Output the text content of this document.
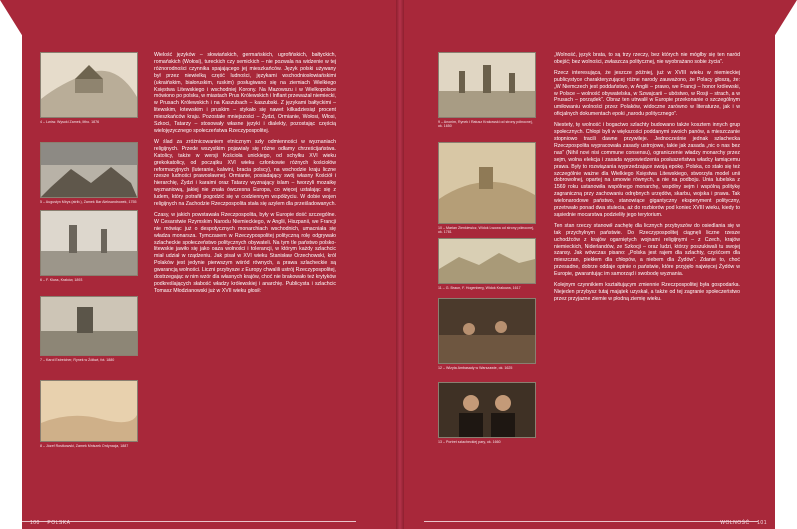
4 – Lwów. Wysoki Zamek, litho. 1876
5 – Augustyn Mirys (atrib.), Zamek Bar Aleksandrowek, 1755
6 – F. Kluss, Kraków, 1893
7 – Karol Estreicher, Rynek w Żółkwi, fot. 1880
8 – Józef Rostkowski, Zamek Mniszek Ordynacja, 1887

Wielość języków – słowiańskich, germańskich, ugrofińskich, bałtyckich, romańskich (Wołosi), tureckich czy semickich – nie pozwala na widzenie w tej różnorodności czynnika spajającego jej mieszkańców. Język polski używany był przez niewielką część ludności, językami wschodniosłowiańskimi (ukraińskim, białoruskim, ruskim) posługiwano się na ziemiach Wielkiego Księstwa Litewskiego i wschodniej Korony. Na Mazowszu i w Wielkopolsce mówiono po polsku, w miastach Prus Królewskich i Inflant przeważał niemiecki, w Prusach Królewskich i na Kaszubach – kaszubski. Z językami bałtyckimi – litewskim, łotewskim i pruskim – stykało się nawet kilkadziesiąt procent mieszkańców kraju. Pozostałe mniejszości – Żydzi, Ormianie, Wołosi, Włosi, Szkoci, Tatarzy – stosowały własne języki i dialekty, pozostając częścią wielojęzycznego społeczeństwa Rzeczypospolitej.

W ślad za zróżnicowaniem etnicznym szły odmienności w wyznaniach religijnych. Przede wszystkim pojawiały się różne odłamy chrześcijaństwa. Katolicy, także w wersji Kościoła unickiego, od schyłku XVI wieku grekokatolicy, od początku XVI wieku członkowie różnych kościołów reformacyjnych (luteranie, kalwini, bracia polscy), na wschodzie kraju liczne rzesze ludności prawosławnej. Ormianie, posiadający swój własny Kościół i hierarchię, Żydzi i karaimi oraz Tatarzy wyznający islam – tworzyli mozaikę wyznaniową, jakiej nie znała ówczesna Europa, co więcej ustalając się z ludem, który potrafił pogodzić się w codziennym współżyciu. W dobie wojen religijnych na Zachodzie Rzeczpospolita stała się azylem dla prześladowanych.

Czasy, w jakich powstawała Rzeczpospolita, były w Europie dość szczególne. W Cesarstwie Rzymskim Narodu Niemieckiego, w Anglii, Hiszpanii, we Francji nie mówiąc już o despotycznych monarchiach wschodnich, umacniała się władza monarsza. Tymczasem w Rzeczypospolitej polityczną rolę odgrywało szlacheckie społeczeństwo politycznych obywateli. Na tym tle państwo polsko-litewskie jawiło się jako oaza wolności i tolerancji, w którym każdy szlachcic miał udział w rządzeniu. Jak pisał w XVI wieku Stanisław Orzechowski, król Polaków jest jedynie pierwszym wśród równych, a prawa szlacheckie są gwarancją wolności. Liczni przybysze z Europy chwalili ustrój Rzeczypospolitej, dostrzegając w nim wzór dla własnych krajów, choć nie brakowało też krytyków podkreślających słabość władzy królewskiej i anarchię. Publicysta i szlachcic Tomasz Młodzianowski już w XVII wieku głosił:

100 POLSKA
9 – Anonim, Rynek i Ratusz Krakowski od strony północnej, ok. 1650
10 – Marian Zienkiewicz, Widok Lwowa od strony północnej, ok. 1781
11 – G. Braun, F. Hogenberg, Widok Krakowa, 1617
12 – Wizyta Ambasady w Warszawie, ok. 1625
13 – Portret szlacheckiej pary, ok. 1660

„Wolność, język brata, to są trzy rzeczy, bez których nie mógłby się ten naród obejść; bez wolności, zwłaszcza politycznej, nie wyobrażano sobie życia”.

Rzecz interesująca, że jeszcze później, już w XVIII wieku w niemieckiej publicystyce charakteryzującej różne narody zauważono, że Polacy głoszą, że: „W Niemczech jest poddaństwo, w Anglii – prawo, we Francji – honor królewski, w Polsce – wolność obywatelska, w Szwajcarii – ubóstwo, w Rosji – strach, a w Prusach – porządek”. Obraz ten utrwalił w Europie przekonanie o szczególnym umiłowaniu wolności przez Polaków, widoczne zarówno w literaturze, jak i w oficjalnych dokumentach epoki „narodu politycznego”.

Niestety, tę wolność i bogactwo szlachty budowano także kosztem innych grup społecznych. Chłopi byli w większości poddanymi swoich panów, a mieszczanie stopniowo tracili dawne przywileje. Jednocześnie jednak szlachecka Rzeczpospolita wypracowała zasady ustrojowe, takie jak zasada „nic o nas bez nas” (Nihil novi nisi commune consensu), ograniczenie władzy monarchy przez sejm, wolna elekcja i zasada wypowiedzenia posłuszeństwa władcy łamiącemu prawa. Były to rozwiązania wyprzedzające swoją epokę. Polska, co stało się też szczególnie ważne dla Wielkiego Księstwa Litewskiego, stworzyła model unii dobrowolnej, opartej na umowie równych, a nie na podboju. Unia lubelska z 1569 roku ustanowiła wspólnego monarchę, wspólny sejm i wspólną politykę zagraniczną przy zachowaniu odrębnych urzędów, skarbu, wojska i prawa. Tak wielonarodowe państwo, stanowiące gigantyczny eksperyment polityczny, przetrwało ponad dwa stulecia, aż do rozbiorów pod koniec XVIII wieku, kiedy to sąsiednie mocarstwa podzieliły jego terytorium.

Ten stan rzeczy stanowił zachętę dla licznych przybyszów do osiedlania się w tak przychylnym państwie. Do Rzeczypospolitej ciągnęli liczne rzesze uchodźców z krajów ogarniętych wojnami religijnymi – z Czech, krajów niemieckich, Niderlandów, ze Szkocji – oraz ludzi, którzy poszukiwali tu swojej szansy. Jak wówczas pisano: „Polska jest rajem dla szlachty, czyśćcem dla mieszczan, piekłem dla chłopów, a niebem dla Żydów”. Zdanie to, choć przesadne, dobrze oddaje opinie o państwie, które przyjęło najwięcej Żydów w Europie, gwarantując im samorząd i swobodę wyznania.

Kolejnym czynnikiem kształtującym zmiennie Rzeczpospolitej była gospodarka. Niejeden przybysz tutaj majątek uzyskał, a także od tej zagranie społeczeństwo przez przyjazne ziemie w płodną ziemię wieku.

WOLNOŚĆ 101
